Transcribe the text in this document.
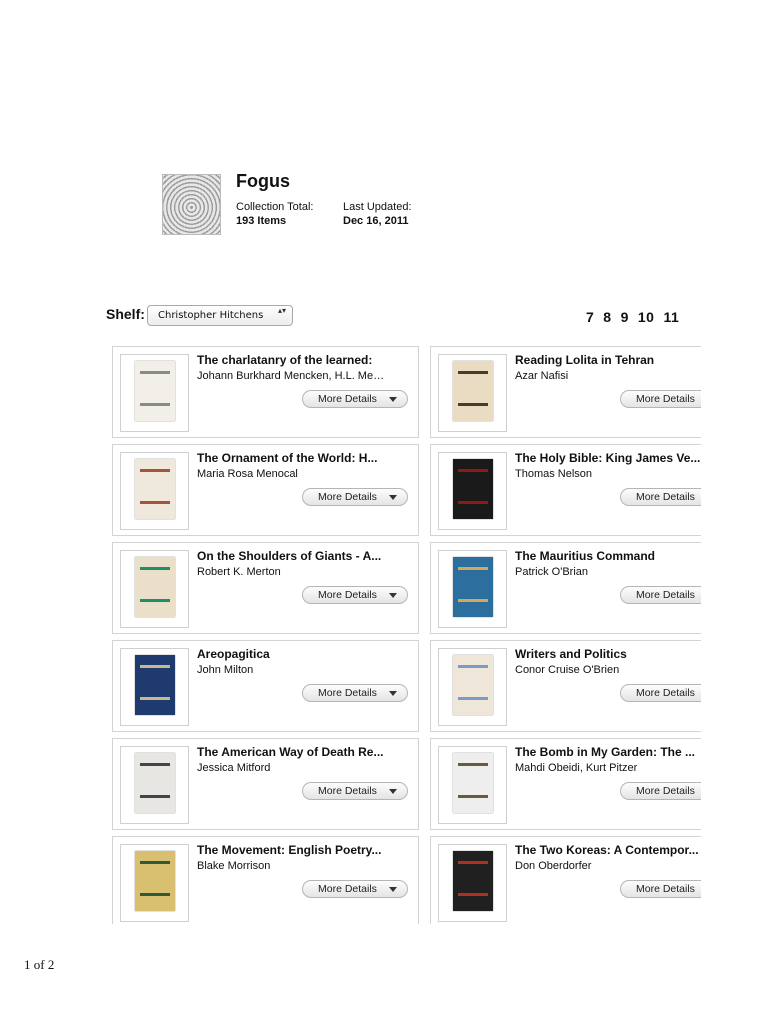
Fogus
Collection Total:
193 Items
Last Updated:
Dec 16, 2011
Shelf:	Christopher Hitchens ▴▾	7 8 9 10 11
The charlatanry of the learned:
Johann Burkhard Mencken, H.L. Me…
More Details
Reading Lolita in Tehran
Azar Nafisi
More Details
The Ornament of the World: H...
Maria Rosa Menocal
More Details
The Holy Bible: King James Ve...
Thomas Nelson
More Details
On the Shoulders of Giants - A...
Robert K. Merton
More Details
The Mauritius Command
Patrick O'Brian
More Details
Areopagitica
John Milton
More Details
Writers and Politics
Conor Cruise O'Brien
More Details
The American Way of Death Re...
Jessica Mitford
More Details
The Bomb in My Garden: The ...
Mahdi Obeidi, Kurt Pitzer
More Details
The Movement: English Poetry...
Blake Morrison
More Details
The Two Koreas: A Contempor...
Don Oberdorfer
More Details
1 of 2
